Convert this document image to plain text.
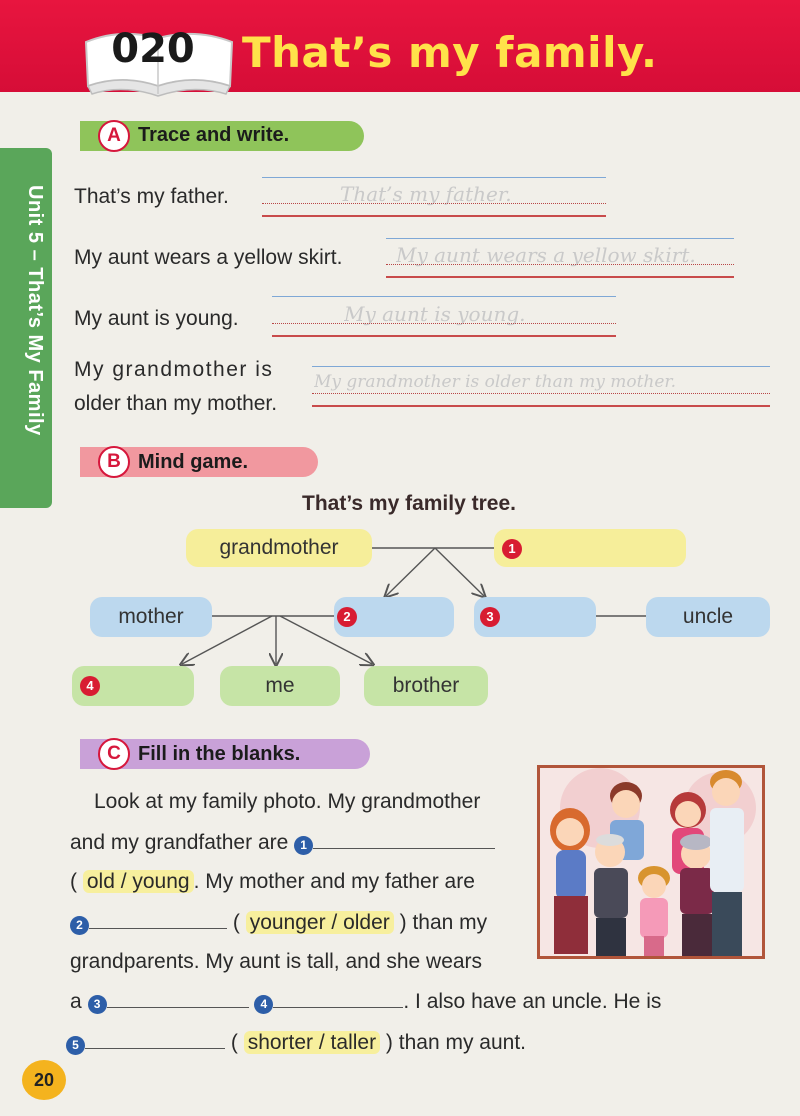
020 That’s my family.
Unit 5 – That’s My Family
A Trace and write.
That’s my father.	That’s my father.
My aunt wears a yellow skirt.	My aunt wears a yellow skirt.
My aunt is young.	My aunt is young.
My grandmother is
older than my mother.
My grandmother is older than my mother.
B Mind game.
That’s my family tree.
grandmother	1
mother	2	3	uncle
4	me	brother
C Fill in the blanks.
Look at my family photo. My grandmother
and my grandfather are 1
( old / young . My mother and my father are
2	( younger / older ) than my
grandparents. My aunt is tall, and she wears
a 3	4	. I also have an uncle. He is
5	( shorter / taller ) than my aunt.
20
